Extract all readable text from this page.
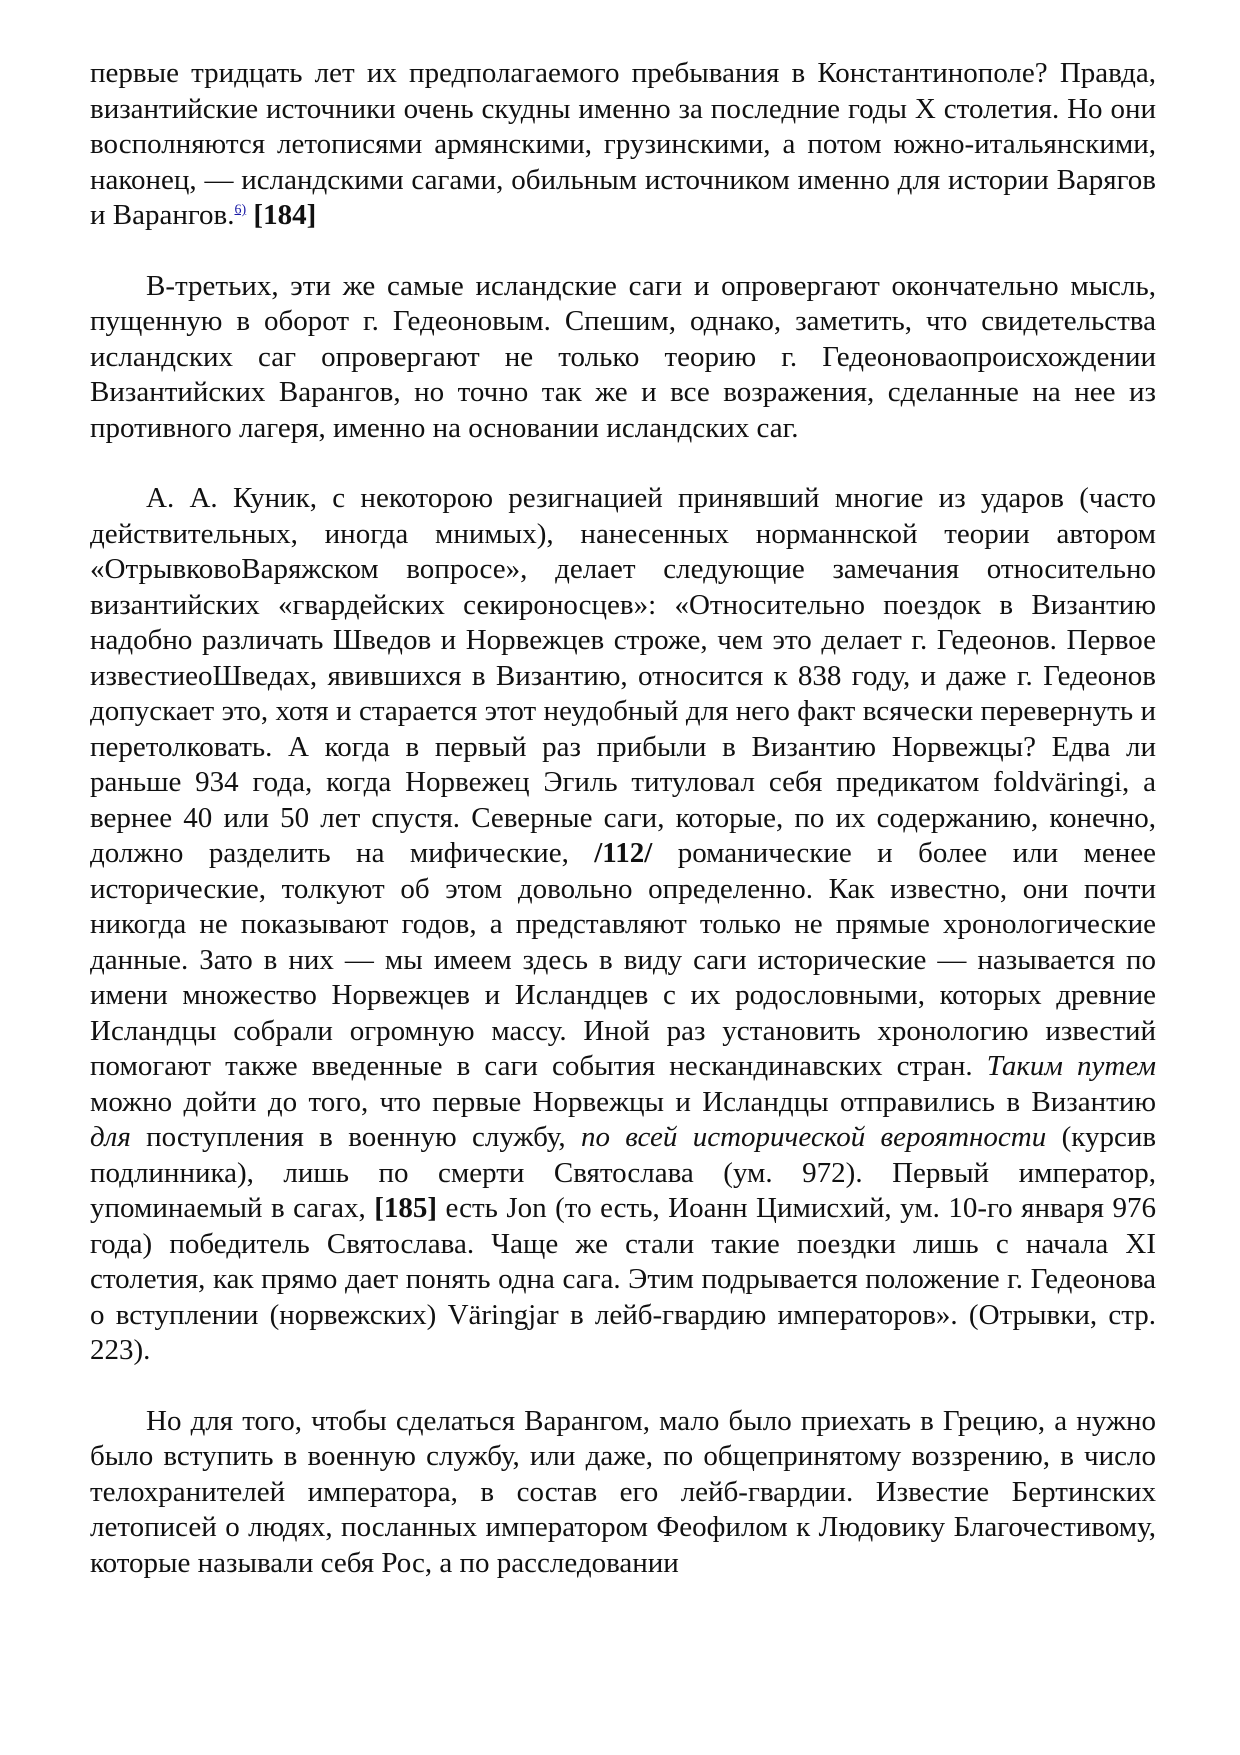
первые тридцать лет их предполагаемого пребывания в Константинополе? Правда, византийские источники очень скудны именно за последние годы X столетия. Но они восполняются летописями армянскими, грузинскими, а потом южно-итальянскими, наконец, — исландскими сагами, обильным источником именно для истории Варягов и Варангов.$^{6)}$ [184]

В-третьих, эти же самые исландские саги и опровергают окончательно мысль, пущенную в оборот г. Гедеоновым. Спешим, однако, заметить, что свидетельства исландских саг опровергают не только теорию г. Гедеоноваопроисхождении Византийских Варангов, но точно так же и все возражения, сделанные на нее из противного лагеря, именно на основании исландских саг.

А. А. Куник, с некоторою резигнацией принявший многие из ударов (часто действительных, иногда мнимых), нанесенных норманнской теории автором «ОтрывковоВаряжском вопросе», делает следующие замечания относительно византийских «гвардейских секироносцев»: «Относительно поездок в Византию надобно различать Шведов и Норвежцев строже, чем это делает г. Гедеонов. Первое известиеоШведах, явившихся в Византию, относится к 838 году, и даже г. Гедеонов допускает это, хотя и старается этот неудобный для него факт всячески перевернуть и перетолковать. А когда в первый раз прибыли в Византию Норвежцы? Едва ли раньше 934 года, когда Норвежец Эгиль титуловал себя предикатом foldväringi, а вернее 40 или 50 лет спустя. Северные саги, которые, по их содержанию, конечно, должно разделить на мифические, /112/ романические и более или менее исторические, толкуют об этом довольно определенно. Как известно, они почти никогда не показывают годов, а представляют только не прямые хронологические данные. Зато в них — мы имеем здесь в виду саги исторические — называется по имени множество Норвежцев и Исландцев с их родословными, которых древние Исландцы собрали огромную массу. Иной раз установить хронологию известий помогают также введенные в саги события нескандинавских стран. Таким путем можно дойти до того, что первые Норвежцы и Исландцы отправились в Византию для поступления в военную службу, по всей исторической вероятности (курсив подлинника), лишь по смерти Святослава (ум. 972). Первый император, упоминаемый в сагах, [185] есть Jon (то есть, Иоанн Цимисхий, ум. 10-го января 976 года) победитель Святослава. Чаще же стали такие поездки лишь с начала XI столетия, как прямо дает понять одна сага. Этим подрывается положение г. Гедеонова о вступлении (норвежских) Väringjar в лейб-гвардию императоров». (Отрывки, стр. 223).

Но для того, чтобы сделаться Варангом, мало было приехать в Грецию, а нужно было вступить в военную службу, или даже, по общепринятому воззрению, в число телохранителей императора, в состав его лейб-гвардии. Известие Бертинских летописей о людях, посланных императором Феофилом к Людовику Благочестивому, которые называли себя Рос, а по расследовании
